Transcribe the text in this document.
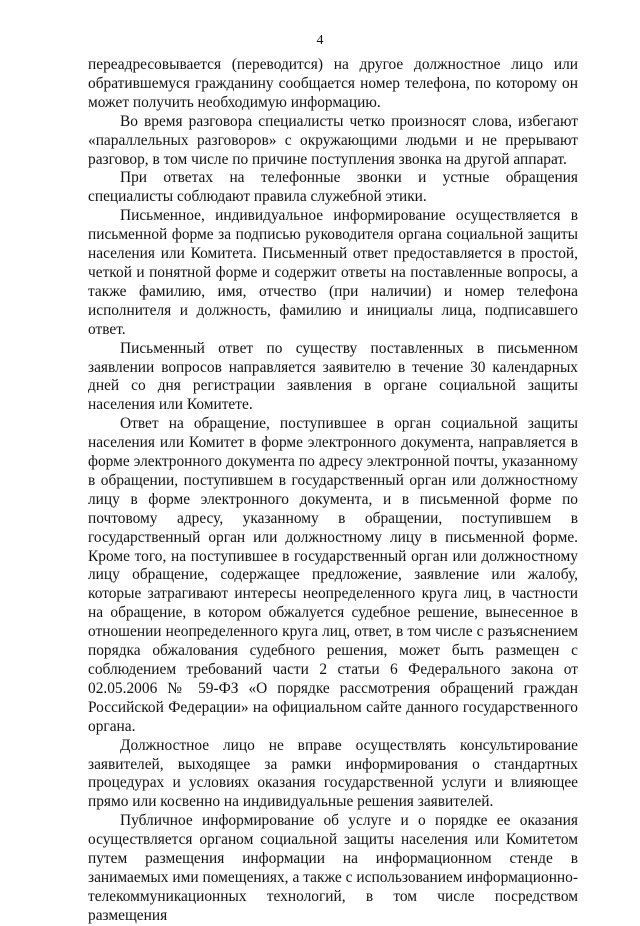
4

переадресовывается (переводится) на другое должностное лицо или обратившемуся гражданину сообщается номер телефона, по которому он может получить необходимую информацию.

Во время разговора специалисты четко произносят слова, избегают «параллельных разговоров» с окружающими людьми и не прерывают разговор, в том числе по причине поступления звонка на другой аппарат.

При ответах на телефонные звонки и устные обращения специалисты соблюдают правила служебной этики.

Письменное, индивидуальное информирование осуществляется в письменной форме за подписью руководителя органа социальной защиты населения или Комитета. Письменный ответ предоставляется в простой, четкой и понятной форме и содержит ответы на поставленные вопросы, а также фамилию, имя, отчество (при наличии) и номер телефона исполнителя и должность, фамилию и инициалы лица, подписавшего ответ.

Письменный ответ по существу поставленных в письменном заявлении вопросов направляется заявителю в течение 30 календарных дней со дня регистрации заявления в органе социальной защиты населения или Комитете.

Ответ на обращение, поступившее в орган социальной защиты населения или Комитет в форме электронного документа, направляется в форме электронного документа по адресу электронной почты, указанному в обращении, поступившем в государственный орган или должностному лицу в форме электронного документа, и в письменной форме по почтовому адресу, указанному в обращении, поступившем в государственный орган или должностному лицу в письменной форме. Кроме того, на поступившее в государственный орган или должностному лицу обращение, содержащее предложение, заявление или жалобу, которые затрагивают интересы неопределенного круга лиц, в частности на обращение, в котором обжалуется судебное решение, вынесенное в отношении неопределенного круга лиц, ответ, в том числе с разъяснением порядка обжалования судебного решения, может быть размещен с соблюдением требований части 2 статьи 6 Федерального закона от 02.05.2006 № 59-ФЗ «О порядке рассмотрения обращений граждан Российской Федерации» на официальном сайте данного государственного органа.

Должностное лицо не вправе осуществлять консультирование заявителей, выходящее за рамки информирования о стандартных процедурах и условиях оказания государственной услуги и влияющее прямо или косвенно на индивидуальные решения заявителей.

Публичное информирование об услуге и о порядке ее оказания осуществляется органом социальной защиты населения или Комитетом путем размещения информации на информационном стенде в занимаемых ими помещениях, а также с использованием информационно-телекоммуникационных технологий, в том числе посредством размещения
